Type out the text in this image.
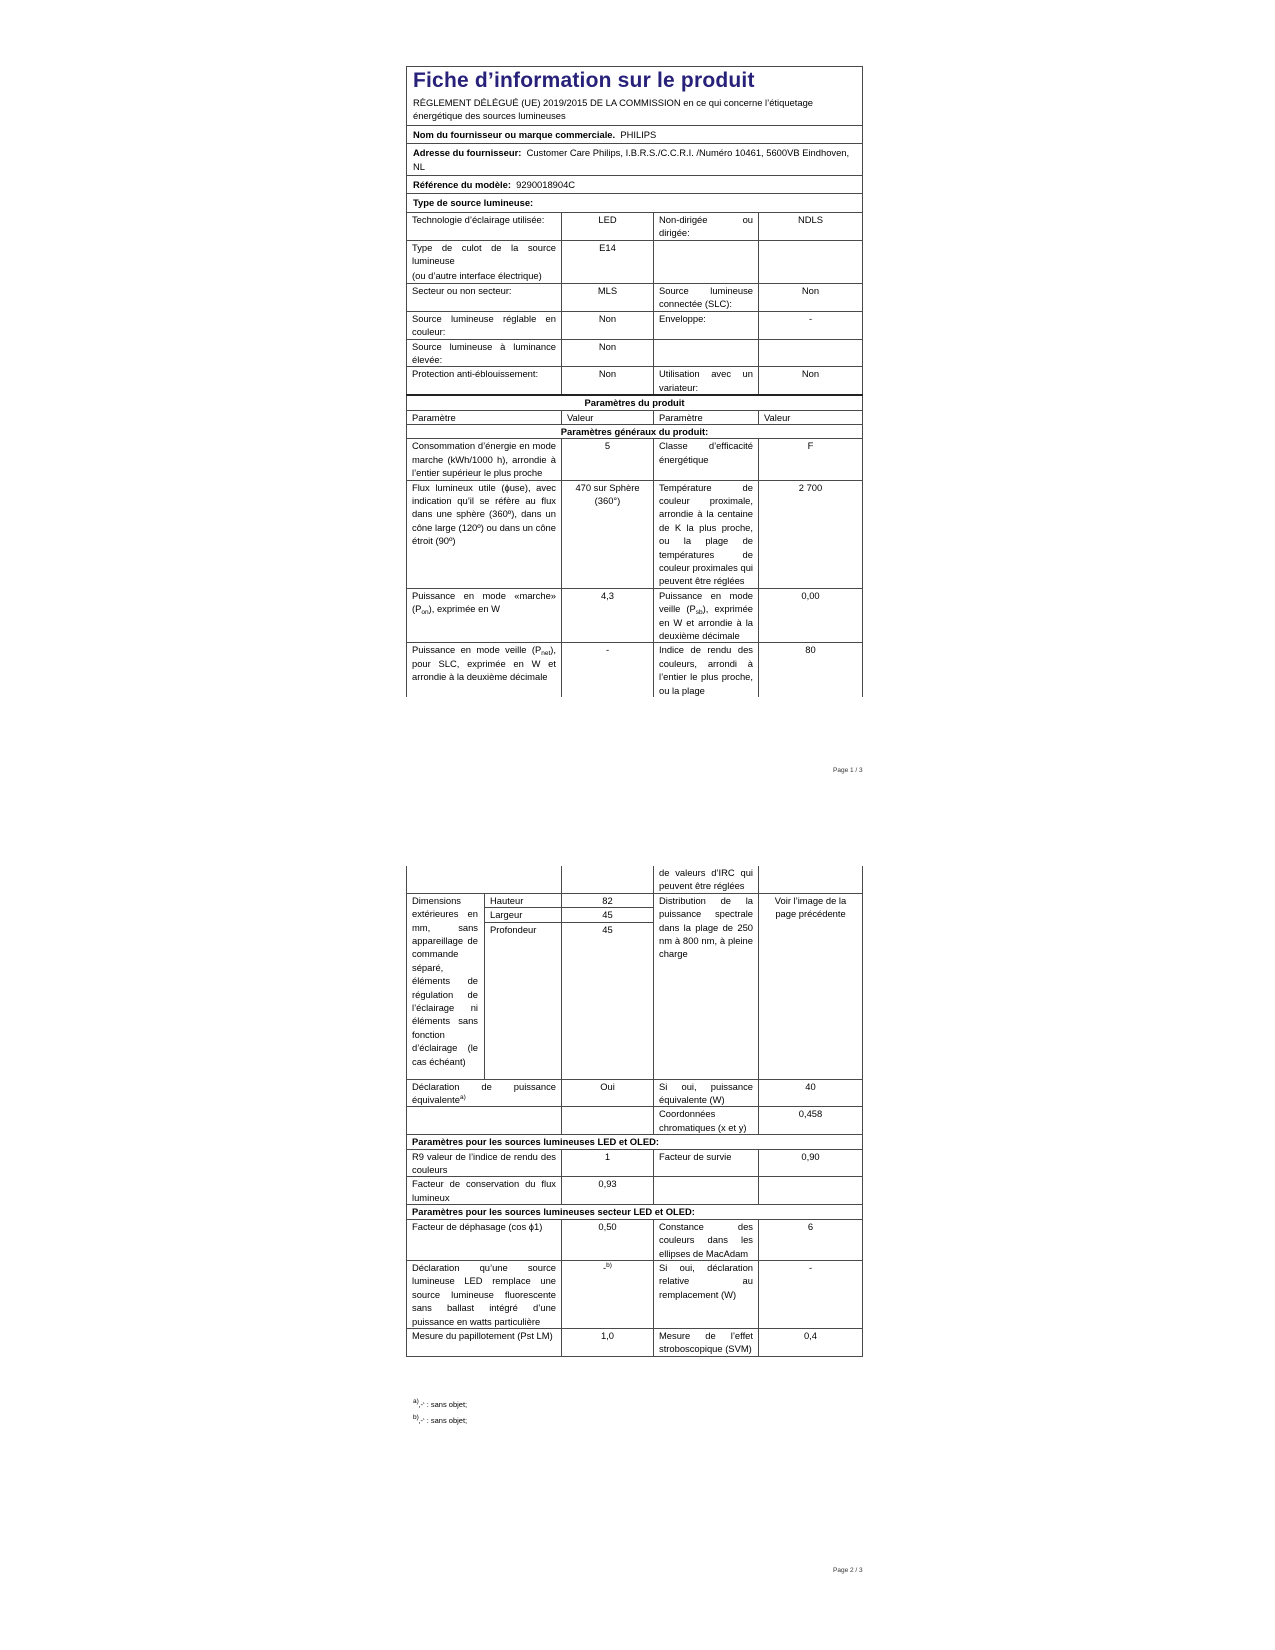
Fiche d’information sur le produit
RÈGLEMENT DÉLÉGUÉ (UE) 2019/2015 DE LA COMMISSION en ce qui concerne l’étiquetage énergétique des sources lumineuses			

Nom du fournisseur ou marque commerciale. PHILIPS			
Adresse du fournisseur: Customer Care Philips, I.B.R.S./C.C.R.I. /Numéro 10461, 5600VB Eindhoven, NL			
Référence du modèle: 9290018904C			
Type de source lumineuse:			
Technologie d’éclairage utilisée:	LED	Non-dirigée ou dirigée:	NDLS

Type de culot de la source lumineuse
(ou d’autre interface électrique)	E14		
Secteur ou non secteur:	MLS	Source lumineuse connectée (SLC):	Non
Source lumineuse réglable en couleur:	Non	Enveloppe:	-
Source lumineuse à luminance élevée:	Non		
Protection anti-éblouissement:	Non	Utilisation avec un variateur:	Non
Paramètres du produit			
Paramètre	Valeur	Paramètre	Valeur
Paramètres généraux du produit:			
Consommation d’énergie en mode marche (kWh/1000 h), arrondie à l’entier supérieur le plus proche	5	Classe d’efficacité énergétique	F
Flux lumineux utile (ϕuse), avec indication qu’il se réfère au flux dans une sphère (360º), dans un cône large (120º) ou dans un cône étroit (90º)	470 sur Sphère (360°)	Température de couleur proximale, arrondie à la centaine de K la plus proche, ou la plage de températures de couleur proximales qui peuvent être réglées	2 700
Puissance en mode «marche» $(P_{on})$, exprimée en W	4,3	Puissance en mode veille $(P_{sb})$, exprimée en W et arrondie à la deuxième décimale	0,00
Puissance en mode veille $(P_{net})$, pour SLC, exprimée en W et arrondie à la deuxième décimale	-	Indice de rendu des couleurs, arrondi à l’entier le plus proche, ou la plage	80
Page 1 / 3
			de valeurs d’IRC qui peuvent être réglées	
Dimensions extérieures en mm, sans appareillage de commande séparé, éléments de régulation de l’éclairage ni éléments sans fonction d’éclairage (le cas échéant)	Hauteur	82	Distribution de la puissance spectrale dans la plage de 250 nm à 800 nm, à pleine charge	Voir l’image de la page précédente
	Largeur	45		
	Profondeur	45		
Déclaration de puissance équivalente$^{a)}$		Oui	Si oui, puissance équivalente (W)	40
			Coordonnées chromatiques (x et y)	0,458
Paramètres pour les sources lumineuses LED et OLED:				
R9 valeur de l’indice de rendu des couleurs		1	Facteur de survie	0,90
Facteur de conservation du flux lumineux		0,93		
Paramètres pour les sources lumineuses secteur LED et OLED:				
Facteur de déphasage (cos ϕ1)		0,50	Constance des couleurs dans les ellipses de MacAdam	6
Déclaration qu’une source lumineuse LED remplace une source lumineuse fluorescente sans ballast intégré d’une puissance en watts particulière		-$^{b)}$	Si oui, déclaration relative au remplacement (W)	-
Mesure du papillotement (Pst LM)		1,0	Mesure de l’effet stroboscopique (SVM)	0,4
$^{a)}$‚-‘ : sans objet;
$^{b)}$‚-‘ : sans objet;
Page 2 / 3
